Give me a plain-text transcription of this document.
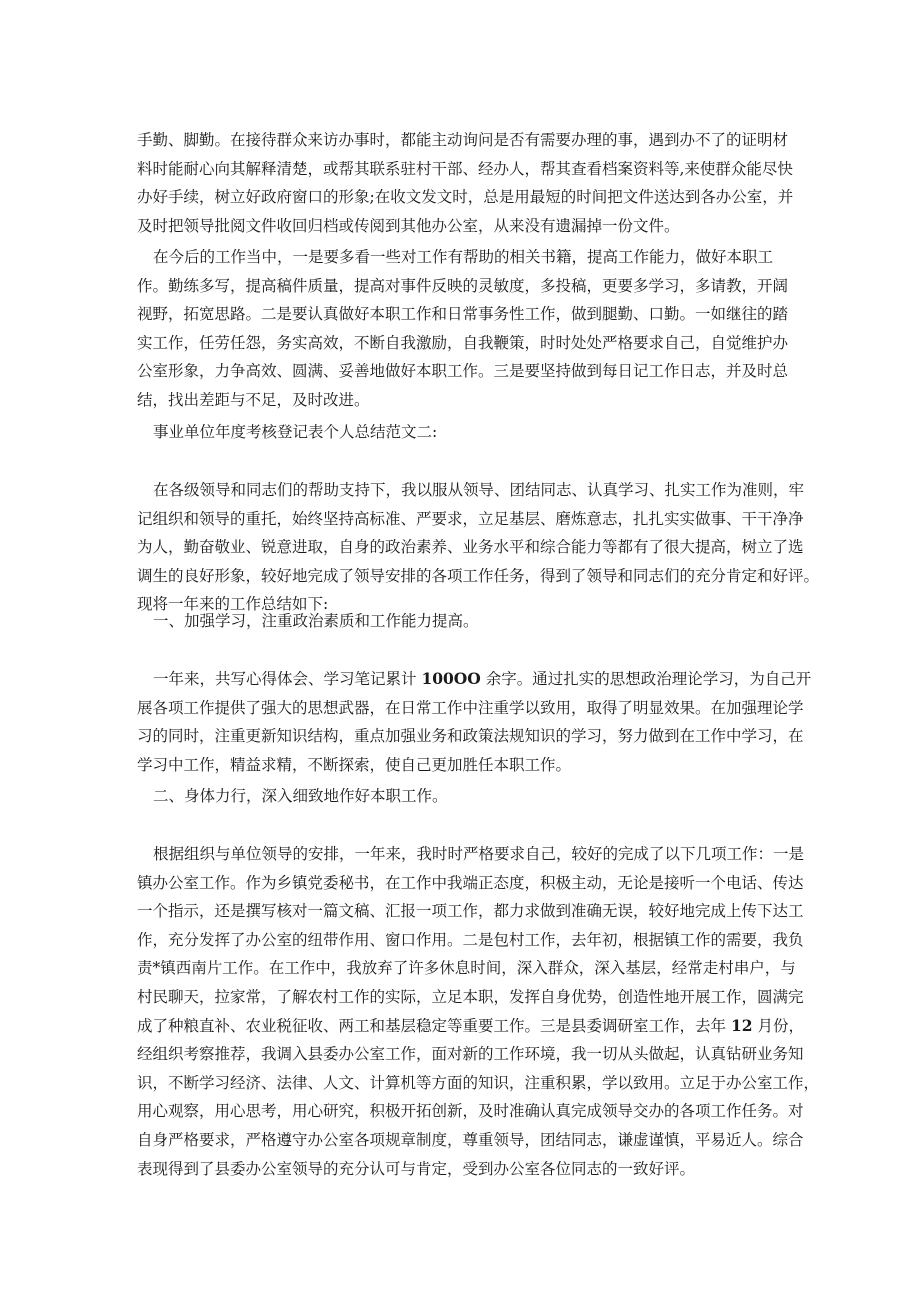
手勤、脚勤。在接待群众来访办事时，都能主动询问是否有需要办理的事，遇到办不了的证明材
料时能耐心向其解释清楚，或帮其联系驻村干部、经办人，帮其查看档案资料等,来使群众能尽快
办好手续，树立好政府窗口的形象;在收文发文时，总是用最短的时间把文件送达到各办公室，并
及时把领导批阅文件收回归档或传阅到其他办公室，从来没有遗漏掉一份文件。
在今后的工作当中，一是要多看一些对工作有帮助的相关书籍，提高工作能力，做好本职工
作。勤练多写，提高稿件质量，提高对事件反映的灵敏度，多投稿，更要多学习，多请教，开阔
视野，拓宽思路。二是要认真做好本职工作和日常事务性工作，做到腿勤、口勤。一如继往的踏
实工作，任劳任怨，务实高效，不断自我激励，自我鞭策，时时处处严格要求自己，自觉维护办
公室形象，力争高效、圆满、妥善地做好本职工作。三是要坚持做到每日记工作日志，并及时总
结，找出差距与不足，及时改进。
事业单位年度考核登记表个人总结范文二:
在各级领导和同志们的帮助支持下，我以服从领导、团结同志、认真学习、扎实工作为准则，牢
记组织和领导的重托，始终坚持高标准、严要求，立足基层、磨炼意志，扎扎实实做事、干干净净
为人，勤奋敬业、锐意进取，自身的政治素养、业务水平和综合能力等都有了很大提高，树立了选
调生的良好形象，较好地完成了领导安排的各项工作任务，得到了领导和同志们的充分肯定和好评。
现将一年来的工作总结如下:
一、加强学习，注重政治素质和工作能力提高。
一年来，共写心得体会、学习笔记累计 100OO 余字。通过扎实的思想政治理论学习，为自己开
展各项工作提供了强大的思想武器，在日常工作中注重学以致用，取得了明显效果。在加强理论学
习的同时，注重更新知识结构，重点加强业务和政策法规知识的学习，努力做到在工作中学习，在
学习中工作，精益求精，不断探索，使自己更加胜任本职工作。
二、身体力行，深入细致地作好本职工作。
根据组织与单位领导的安排，一年来，我时时严格要求自己，较好的完成了以下几项工作：一是
镇办公室工作。作为乡镇党委秘书，在工作中我端正态度，积极主动，无论是接听一个电话、传达
一个指示，还是撰写核对一篇文稿、汇报一项工作，都力求做到准确无误，较好地完成上传下达工
作，充分发挥了办公室的纽带作用、窗口作用。二是包村工作，去年初，根据镇工作的需要，我负
责*镇西南片工作。在工作中，我放弃了许多休息时间，深入群众，深入基层，经常走村串户，与
村民聊天，拉家常，了解农村工作的实际，立足本职，发挥自身优势，创造性地开展工作，圆满完
成了种粮直补、农业税征收、两工和基层稳定等重要工作。三是县委调研室工作，去年 12 月份，
经组织考察推荐，我调入县委办公室工作，面对新的工作环境，我一切从头做起，认真钻研业务知
识，不断学习经济、法律、人文、计算机等方面的知识，注重积累，学以致用。立足于办公室工作，
用心观察，用心思考，用心研究，积极开拓创新，及时准确认真完成领导交办的各项工作任务。对
自身严格要求，严格遵守办公室各项规章制度，尊重领导，团结同志，谦虚谨慎，平易近人。综合
表现得到了县委办公室领导的充分认可与肯定，受到办公室各位同志的一致好评。
